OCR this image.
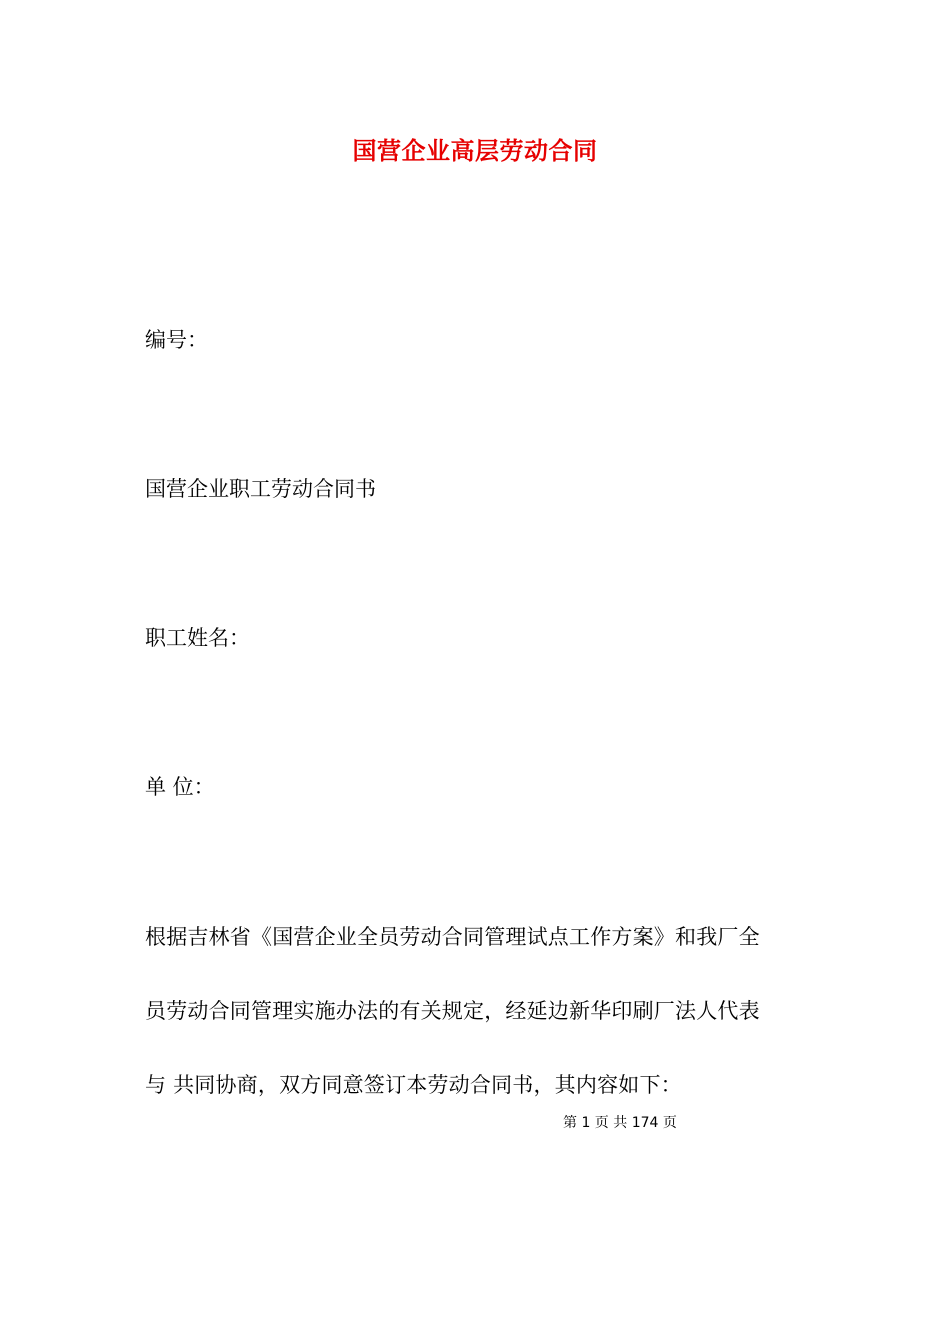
国营企业高层劳动合同
编号：
国营企业职工劳动合同书
职工姓名：
单 位：
根据吉林省《国营企业全员劳动合同管理试点工作方案》和我厂全
员劳动合同管理实施办法的有关规定，经延边新华印刷厂法人代表
与 共同协商，双方同意签订本劳动合同书，其内容如下：
第 1 页 共 174 页
